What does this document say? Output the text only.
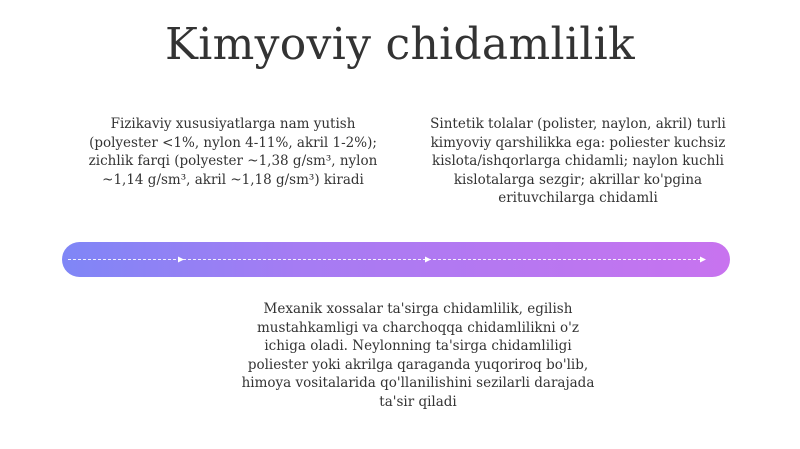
Kimyoviy chidamlilik

Fizikaviy xususiyatlarga nam yutish (polyester <1%, nylon 4-11%, akril 1-2%); zichlik farqi (polyester ~1,38 g/sm³, nylon ~1,14 g/sm³, akril ~1,18 g/sm³) kiradi

Sintetik tolalar (polister, naylon, akril) turli kimyoviy qarshilikka ega: poliester kuchsiz kislota/ishqorlarga chidamli; naylon kuchli kislotalarga sezgir; akrillar ko'pgina erituvchilarga chidamli

Mexanik xossalar ta'sirga chidamlilik, egilish mustahkamligi va charchoqqa chidamlilikni o'z ichiga oladi. Neylonning ta'sirga chidamliligi poliester yoki akrilga qaraganda yuqoriroq bo'lib, himoya vositalarida qo'llanilishini sezilarli darajada ta'sir qiladi
